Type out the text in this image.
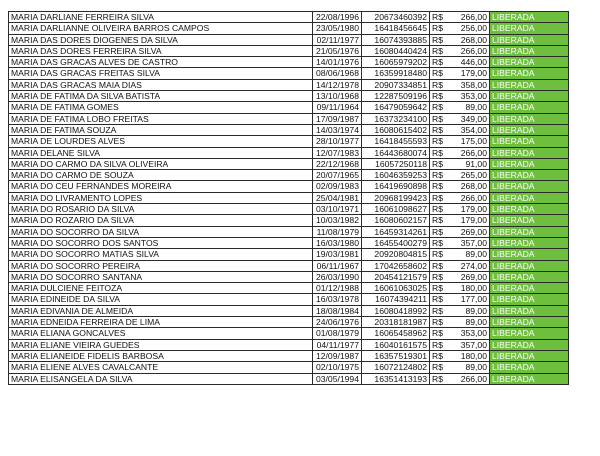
MARIA DARLIANE FERREIRA SILVA	22/08/1996	20673460392	R$	266,00	LIBERADA
MARIA DARLIANNE OLIVEIRA BARROS CAMPOS	23/05/1980	16418456645	R$	256,00	LIBERADA
MARIA DAS DORES DIOGENES DA SILVA	02/11/1977	16074393885	R$	268,00	LIBERADA
MARIA DAS DORES FERREIRA SILVA	21/05/1976	16080440424	R$	266,00	LIBERADA
MARIA DAS GRACAS ALVES DE CASTRO	14/01/1976	16065979202	R$	446,00	LIBERADA
MARIA DAS GRACAS FREITAS SILVA	08/06/1968	16359918480	R$	179,00	LIBERADA
MARIA DAS GRACAS MAIA DIAS	14/12/1978	20907334851	R$	358,00	LIBERADA
MARIA DE FATIMA DA SILVA BATISTA	13/10/1968	12287509196	R$	353,00	LIBERADA
MARIA DE FATIMA GOMES	09/11/1964	16479059642	R$	89,00	LIBERADA
MARIA DE FATIMA LOBO FREITAS	17/09/1987	16373234100	R$	349,00	LIBERADA
MARIA DE FATIMA SOUZA	14/03/1974	16080615402	R$	354,00	LIBERADA
MARIA DE LOURDES ALVES	28/10/1977	16418455593	R$	175,00	LIBERADA
MARIA DELANE SILVA	12/07/1983	16443680074	R$	266,00	LIBERADA
MARIA DO CARMO DA SILVA OLIVEIRA	22/12/1968	16057250118	R$	91,00	LIBERADA
MARIA DO CARMO DE SOUZA	20/07/1965	16046359253	R$	265,00	LIBERADA
MARIA DO CEU FERNANDES MOREIRA	02/09/1983	16419690898	R$	268,00	LIBERADA
MARIA DO LIVRAMENTO LOPES	25/04/1981	20968199423	R$	266,00	LIBERADA
MARIA DO ROSARIO DA SILVA	03/10/1971	16061098627	R$	179,00	LIBERADA
MARIA DO ROZARIO DA SILVA	10/03/1982	16080602157	R$	179,00	LIBERADA
MARIA DO SOCORRO DA SILVA	11/08/1979	16459314261	R$	269,00	LIBERADA
MARIA DO SOCORRO DOS SANTOS	16/03/1980	16455400279	R$	357,00	LIBERADA
MARIA DO SOCORRO MATIAS SILVA	19/03/1981	20920804815	R$	89,00	LIBERADA
MARIA DO SOCORRO PEREIRA	06/11/1967	17042658602	R$	274,00	LIBERADA
MARIA DO SOCORRO SANTANA	26/03/1990	20454121579	R$	269,00	LIBERADA
MARIA DULCIENE FEITOZA	01/12/1988	16061063025	R$	180,00	LIBERADA
MARIA EDINEIDE DA SILVA	16/03/1978	16074394211	R$	177,00	LIBERADA
MARIA EDIVANIA DE ALMEIDA	18/08/1984	16080418992	R$	89,00	LIBERADA
MARIA EDNEIDA FERREIRA DE LIMA	24/06/1976	20318181987	R$	89,00	LIBERADA
MARIA ELIANA GONCALVES	01/08/1979	16065458962	R$	353,00	LIBERADA
MARIA ELIANE VIEIRA GUEDES	04/11/1977	16040161575	R$	357,00	LIBERADA
MARIA ELIANEIDE FIDELIS BARBOSA	12/09/1987	16357519301	R$	180,00	LIBERADA
MARIA ELIENE ALVES CAVALCANTE	02/10/1975	16072124802	R$	89,00	LIBERADA
MARIA ELISANGELA DA SILVA	03/05/1994	16351413193	R$	266,00	LIBERADA
